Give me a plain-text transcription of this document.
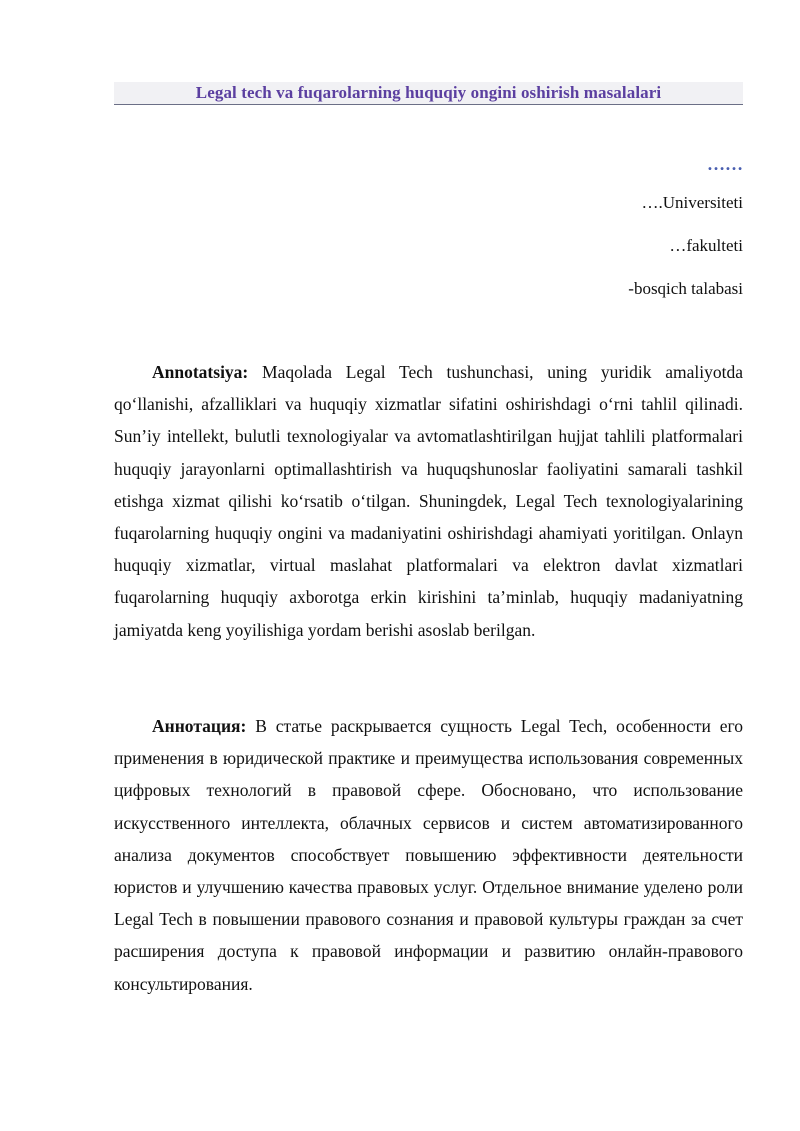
Legal tech va fuqarolarning huquqiy ongini oshirish masalalari
……
….Universiteti
…fakulteti
-bosqich talabasi

Annotatsiya: Maqolada Legal Tech tushunchasi, uning yuridik amaliyotda qo‘llanishi, afzalliklari va huquqiy xizmatlar sifatini oshirishdagi o‘rni tahlil qilinadi. Sun’iy intellekt, bulutli texnologiyalar va avtomatlashtirilgan hujjat tahlili platformalari huquqiy jarayonlarni optimallashtirish va huquqshunoslar faoliyatini samarali tashkil etishga xizmat qilishi ko‘rsatib o‘tilgan. Shuningdek, Legal Tech texnologiyalarining fuqarolarning huquqiy ongini va madaniyatini oshirishdagi ahamiyati yoritilgan. Onlayn huquqiy xizmatlar, virtual maslahat platformalari va elektron davlat xizmatlari fuqarolarning huquqiy axborotga erkin kirishini ta’minlab, huquqiy madaniyatning jamiyatda keng yoyilishiga yordam berishi asoslab berilgan.

Аннотация: В статье раскрывается сущность Legal Tech, особенности его применения в юридической практике и преимущества использования современных цифровых технологий в правовой сфере. Обосновано, что использование искусственного интеллекта, облачных сервисов и систем автоматизированного анализа документов способствует повышению эффективности деятельности юристов и улучшению качества правовых услуг. Отдельное внимание уделено роли Legal Tech в повышении правового сознания и правовой культуры граждан за счет расширения доступа к правовой информации и развитию онлайн-правового консультирования.
